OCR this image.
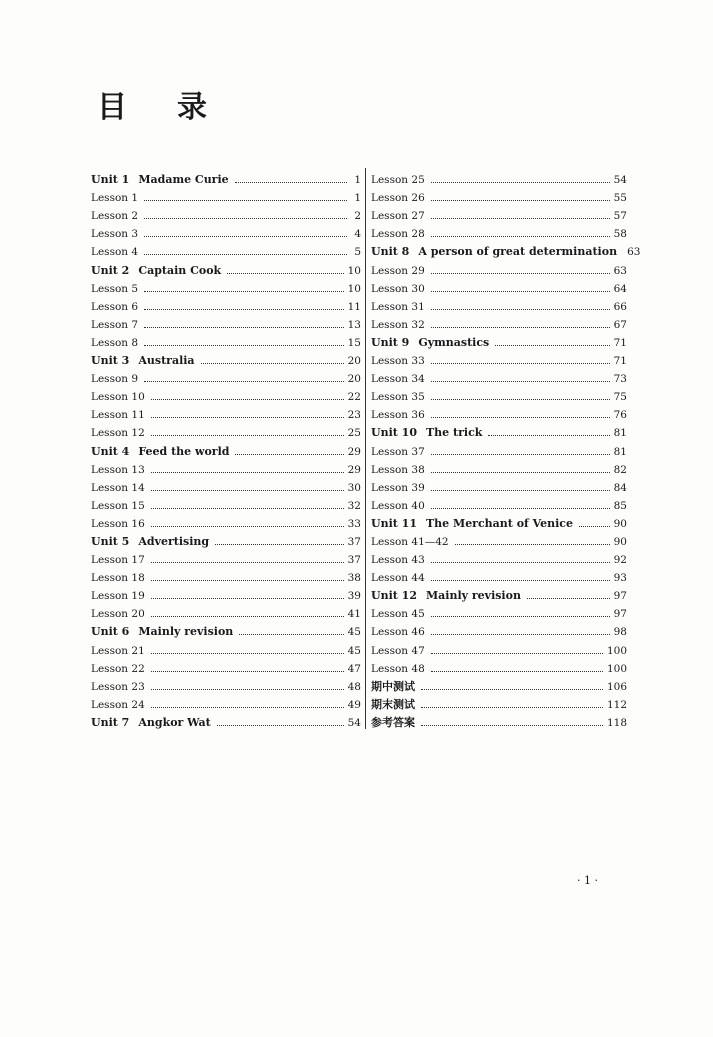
目 录
Unit 1 Madame Curie	1
Lesson 1	1
Lesson 2	2
Lesson 3	4
Lesson 4	5
Unit 2 Captain Cook	10
Lesson 5	10
Lesson 6	11
Lesson 7	13
Lesson 8	15
Unit 3 Australia	20
Lesson 9	20
Lesson 10	22
Lesson 11	23
Lesson 12	25
Unit 4 Feed the world	29
Lesson 13	29
Lesson 14	30
Lesson 15	32
Lesson 16	33
Unit 5 Advertising	37
Lesson 17	37
Lesson 18	38
Lesson 19	39
Lesson 20	41
Unit 6 Mainly revision	45
Lesson 21	45
Lesson 22	47
Lesson 23	48
Lesson 24	49
Unit 7 Angkor Wat	54
Lesson 25	54
Lesson 26	55
Lesson 27	57
Lesson 28	58
Unit 8 A person of great determination 63
Lesson 29	63
Lesson 30	64
Lesson 31	66
Lesson 32	67
Unit 9 Gymnastics	71
Lesson 33	71
Lesson 34	73
Lesson 35	75
Lesson 36	76
Unit 10 The trick	81
Lesson 37	81
Lesson 38	82
Lesson 39	84
Lesson 40	85
Unit 11 The Merchant of Venice	90
Lesson 41—42	90
Lesson 43	92
Lesson 44	93
Unit 12 Mainly revision	97
Lesson 45	97
Lesson 46	98
Lesson 47	100
Lesson 48	100
期中测试	106
期末测试	112
参考答案	118
· 1 ·
